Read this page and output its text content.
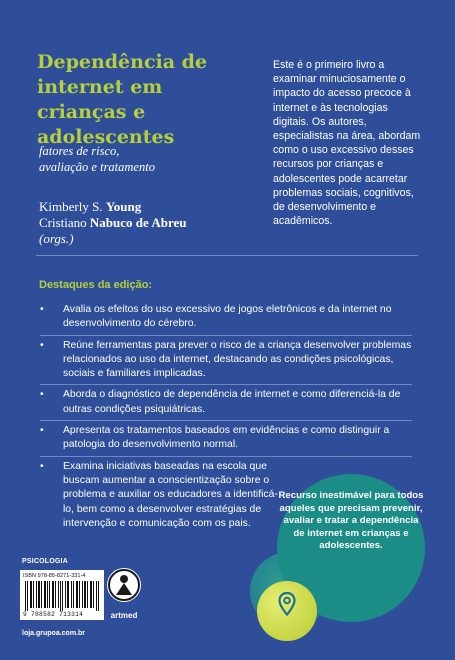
Dependência de internet em crianças e adolescentes
fatores de risco,
avaliação e tratamento
Kimberly S. Young
Cristiano Nabuco de Abreu
(orgs.)
Este é o primeiro livro a examinar minuciosamente o impacto do acesso precoce à internet e às tecnologias digitais. Os autores, especialistas na área, abordam como o uso excessivo desses recursos por crianças e adolescentes pode acarretar problemas sociais, cognitivos, de desenvolvimento e acadêmicos.
Destaques da edição:
• Avalia os efeitos do uso excessivo de jogos eletrônicos e da internet no desenvolvimento do cérebro.
• Reúne ferramentas para prever o risco de a criança desenvolver problemas relacionados ao uso da internet, destacando as condições psicológicas, sociais e familiares implicadas.
• Aborda o diagnóstico de dependência de internet e como diferenciá-la de outras condições psiquiátricas.
• Apresenta os tratamentos baseados em evidências e como distinguir a patologia do desenvolvimento normal.
• Examina iniciativas baseadas na escola que buscam aumentar a conscientização sobre o problema e auxiliar os educadores a identificá-lo, bem como a desenvolver estratégias de intervenção e comunicação com os pais.
Recurso inestimável para todos aqueles que precisam prevenir, avaliar e tratar a dependência de internet em crianças e adolescentes.
PSICOLOGIA
ISBN 978-85-8271-331-4
9 788582 713314	artmed
loja.grupoa.com.br
